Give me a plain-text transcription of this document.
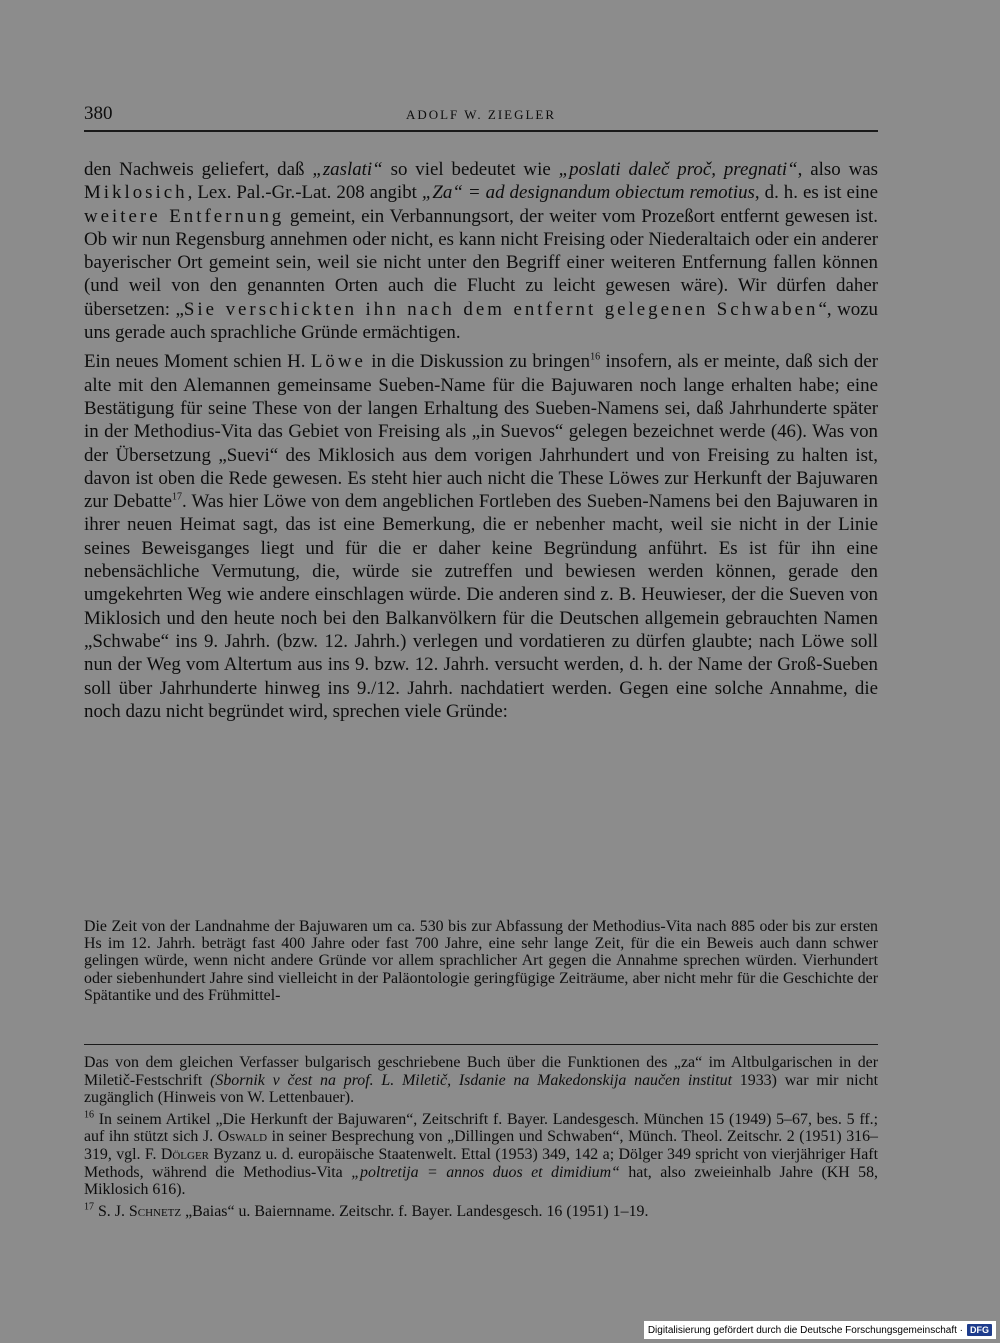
380	ADOLF W. ZIEGLER

den Nachweis geliefert, daß „zaslati“ so viel bedeutet wie „poslati daleč proč, pregnati“, also was Miklosich, Lex. Pal.-Gr.-Lat. 208 angibt „Za“ = ad designandum obiectum remotius, d. h. es ist eine weitere Entfernung gemeint, ein Verbannungsort, der weiter vom Prozeßort entfernt gewesen ist. Ob wir nun Regensburg annehmen oder nicht, es kann nicht Freising oder Niederaltaich oder ein anderer bayerischer Ort gemeint sein, weil sie nicht unter den Begriff einer weiteren Entfernung fallen können (und weil von den genannten Orten auch die Flucht zu leicht gewesen wäre). Wir dürfen daher übersetzen: „Sie verschickten ihn nach dem entfernt gelegenen Schwaben“, wozu uns gerade auch sprachliche Gründe ermächtigen.

Ein neues Moment schien H. Löwe in die Diskussion zu bringen$^{16}$ insofern, als er meinte, daß sich der alte mit den Alemannen gemeinsame Sueben-Name für die Bajuwaren noch lange erhalten habe; eine Bestätigung für seine These von der langen Erhaltung des Sueben-Namens sei, daß Jahrhunderte später in der Methodius-Vita das Gebiet von Freising als „in Suevos“ gelegen bezeichnet werde (46). Was von der Übersetzung „Suevi“ des Miklosich aus dem vorigen Jahrhundert und von Freising zu halten ist, davon ist oben die Rede gewesen. Es steht hier auch nicht die These Löwes zur Herkunft der Bajuwaren zur Debatte$^{17}$. Was hier Löwe von dem angeblichen Fortleben des Sueben-Namens bei den Bajuwaren in ihrer neuen Heimat sagt, das ist eine Bemerkung, die er nebenher macht, weil sie nicht in der Linie seines Beweisganges liegt und für die er daher keine Begründung anführt. Es ist für ihn eine nebensächliche Vermutung, die, würde sie zutreffen und bewiesen werden können, gerade den umgekehrten Weg wie andere einschlagen würde. Die anderen sind z. B. Heuwieser, der die Sueven von Miklosich und den heute noch bei den Balkanvölkern für die Deutschen allgemein gebrauchten Namen „Schwabe“ ins 9. Jahrh. (bzw. 12. Jahrh.) verlegen und vordatieren zu dürfen glaubte; nach Löwe soll nun der Weg vom Altertum aus ins 9. bzw. 12. Jahrh. versucht werden, d. h. der Name der Groß-Sueben soll über Jahrhunderte hinweg ins 9./12. Jahrh. nachdatiert werden. Gegen eine solche Annahme, die noch dazu nicht begründet wird, sprechen viele Gründe:

Die Zeit von der Landnahme der Bajuwaren um ca. 530 bis zur Abfassung der Methodius-Vita nach 885 oder bis zur ersten Hs im 12. Jahrh. beträgt fast 400 Jahre oder fast 700 Jahre, eine sehr lange Zeit, für die ein Beweis auch dann schwer gelingen würde, wenn nicht andere Gründe vor allem sprachlicher Art gegen die Annahme sprechen würden. Vierhundert oder siebenhundert Jahre sind vielleicht in der Paläontologie geringfügige Zeiträume, aber nicht mehr für die Geschichte der Spätantike und des Frühmittel-

Das von dem gleichen Verfasser bulgarisch geschriebene Buch über die Funktionen des „za“ im Altbulgarischen in der Miletič-Festschrift (Sbornik v čest na prof. L. Miletič, Isdanie na Makedonskija naučen institut 1933) war mir nicht zugänglich (Hinweis von W. Lettenbauer).

$^{16}$ In seinem Artikel „Die Herkunft der Bajuwaren“, Zeitschrift f. Bayer. Landesgesch. München 15 (1949) 5–67, bes. 5 ff.; auf ihn stützt sich J. Oswald in seiner Besprechung von „Dillingen und Schwaben“, Münch. Theol. Zeitschr. 2 (1951) 316–319, vgl. F. Dölger Byzanz u. d. europäische Staatenwelt. Ettal (1953) 349, 142 a; Dölger 349 spricht von vierjähriger Haft Methods, während die Methodius-Vita „poltretija = annos duos et dimidium“ hat, also zweieinhalb Jahre (KH 58, Miklosich 616).

$^{17}$ S. J. Schnetz „Baias“ u. Baiernname. Zeitschr. f. Bayer. Landesgesch. 16 (1951) 1–19.

Digitalisierung gefördert durch die Deutsche Forschungsgemeinschaft · DFG
